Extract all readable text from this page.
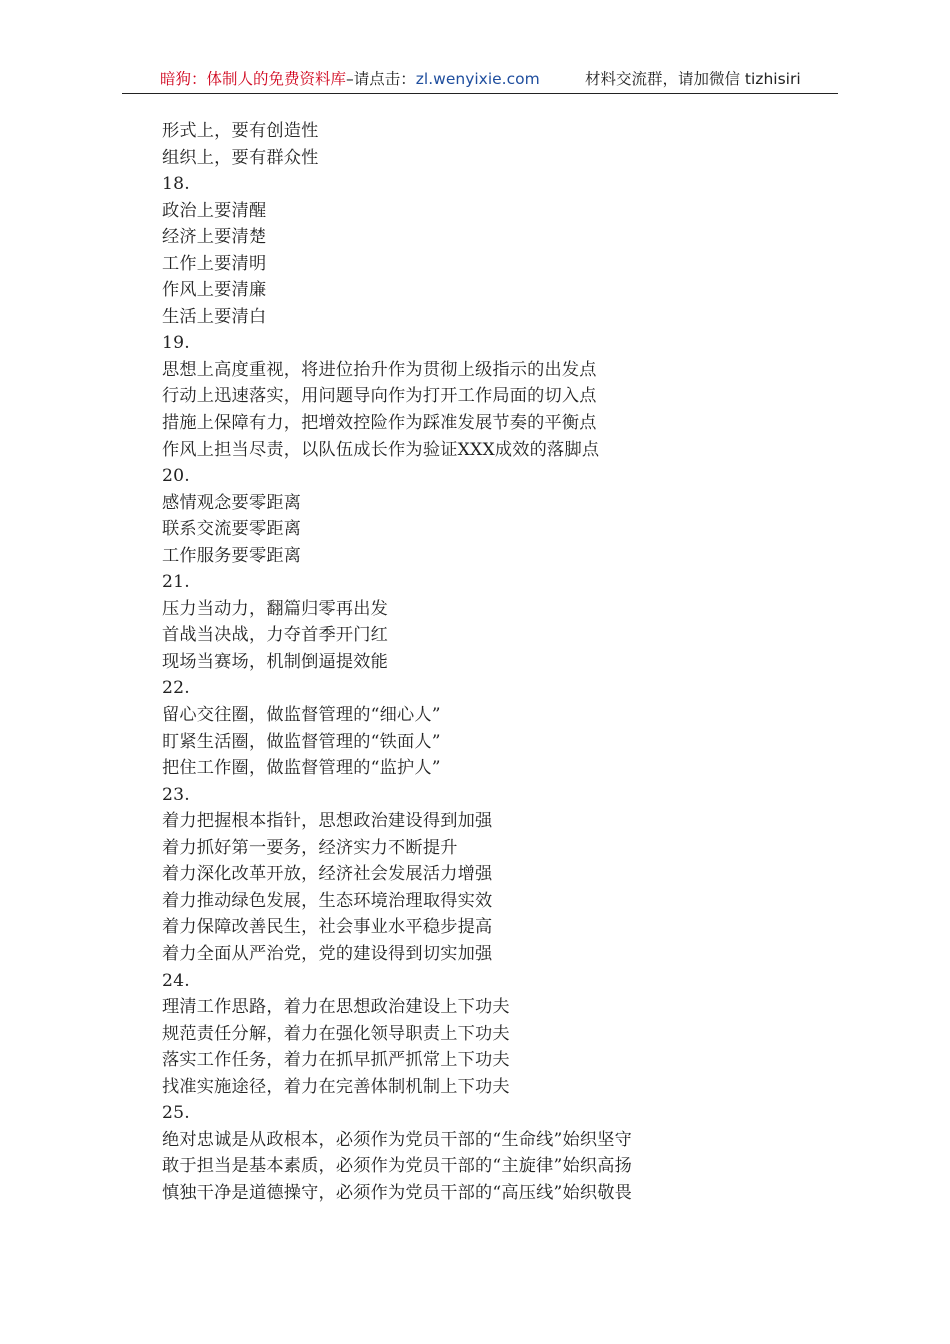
暗狗：体制人的免费资料库–请点击：zl.wenyixie.com	材料交流群，请加微信 tizhisiri
形式上，要有创造性
组织上，要有群众性
18.
政治上要清醒
经济上要清楚
工作上要清明
作风上要清廉
生活上要清白
19.
思想上高度重视，将进位抬升作为贯彻上级指示的出发点
行动上迅速落实，用问题导向作为打开工作局面的切入点
措施上保障有力，把增效控险作为踩准发展节奏的平衡点
作风上担当尽责，以队伍成长作为验证XXX成效的落脚点
20.
感情观念要零距离
联系交流要零距离
工作服务要零距离
21.
压力当动力，翻篇归零再出发
首战当决战，力夺首季开门红
现场当赛场，机制倒逼提效能
22.
留心交往圈，做监督管理的“细心人”
盯紧生活圈，做监督管理的“铁面人”
把住工作圈，做监督管理的“监护人”
23.
着力把握根本指针，思想政治建设得到加强
着力抓好第一要务，经济实力不断提升
着力深化改革开放，经济社会发展活力增强
着力推动绿色发展，生态环境治理取得实效
着力保障改善民生，社会事业水平稳步提高
着力全面从严治党，党的建设得到切实加强
24.
理清工作思路，着力在思想政治建设上下功夫
规范责任分解，着力在强化领导职责上下功夫
落实工作任务，着力在抓早抓严抓常上下功夫
找准实施途径，着力在完善体制机制上下功夫
25.
绝对忠诚是从政根本，必须作为党员干部的“生命线”始织坚守
敢于担当是基本素质，必须作为党员干部的“主旋律”始织高扬
慎独干净是道德操守，必须作为党员干部的“高压线”始织敬畏
